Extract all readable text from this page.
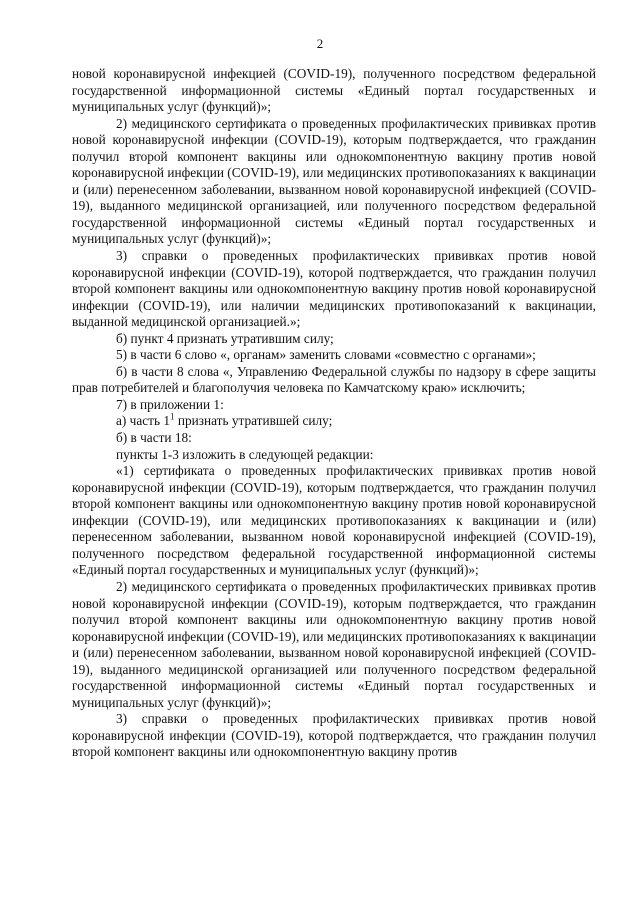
2

новой коронавирусной инфекцией (COVID-19), полученного посредством федеральной государственной информационной системы «Единый портал государственных и муниципальных услуг (функций)»;

2) медицинского сертификата о проведенных профилактических прививках против новой коронавирусной инфекции (COVID-19), которым подтверждается, что гражданин получил второй компонент вакцины или однокомпонентную вакцину против новой коронавирусной инфекции (COVID-19), или медицинских противопоказаниях к вакцинации и (или) перенесенном заболевании, вызванном новой коронавирусной инфекцией (COVID-19), выданного медицинской организацией, или полученного посредством федеральной государственной информационной системы «Единый портал государственных и муниципальных услуг (функций)»;

3) справки о проведенных профилактических прививках против новой коронавирусной инфекции (COVID-19), которой подтверждается, что гражданин получил второй компонент вакцины или однокомпонентную вакцину против новой коронавирусной инфекции (COVID-19), или наличии медицинских противопоказаний к вакцинации, выданной медицинской организацией.»;

б) пункт 4 признать утратившим силу;

5) в части 6 слово «, органам» заменить словами «совместно с органами»;

б) в части 8 слова «, Управлению Федеральной службы по надзору в сфере защиты прав потребителей и благополучия человека по Камчатскому краю» исключить;

7) в приложении 1:

а) часть $1^1$ признать утратившей силу;

б) в части 18:

пункты 1-3 изложить в следующей редакции:

«1) сертификата о проведенных профилактических прививках против новой коронавирусной инфекции (COVID-19), которым подтверждается, что гражданин получил второй компонент вакцины или однокомпонентную вакцину против новой коронавирусной инфекции (COVID-19), или медицинских противопоказаниях к вакцинации и (или) перенесенном заболевании, вызванном новой коронавирусной инфекцией (COVID-19), полученного посредством федеральной государственной информационной системы «Единый портал государственных и муниципальных услуг (функций)»;

2) медицинского сертификата о проведенных профилактических прививках против новой коронавирусной инфекции (COVID-19), которым подтверждается, что гражданин получил второй компонент вакцины или однокомпонентную вакцину против новой коронавирусной инфекции (COVID-19), или медицинских противопоказаниях к вакцинации и (или) перенесенном заболевании, вызванном новой коронавирусной инфекцией (COVID-19), выданного медицинской организацией или полученного посредством федеральной государственной информационной системы «Единый портал государственных и муниципальных услуг (функций)»;

3) справки о проведенных профилактических прививках против новой коронавирусной инфекции (COVID-19), которой подтверждается, что гражданин получил второй компонент вакцины или однокомпонентную вакцину против
